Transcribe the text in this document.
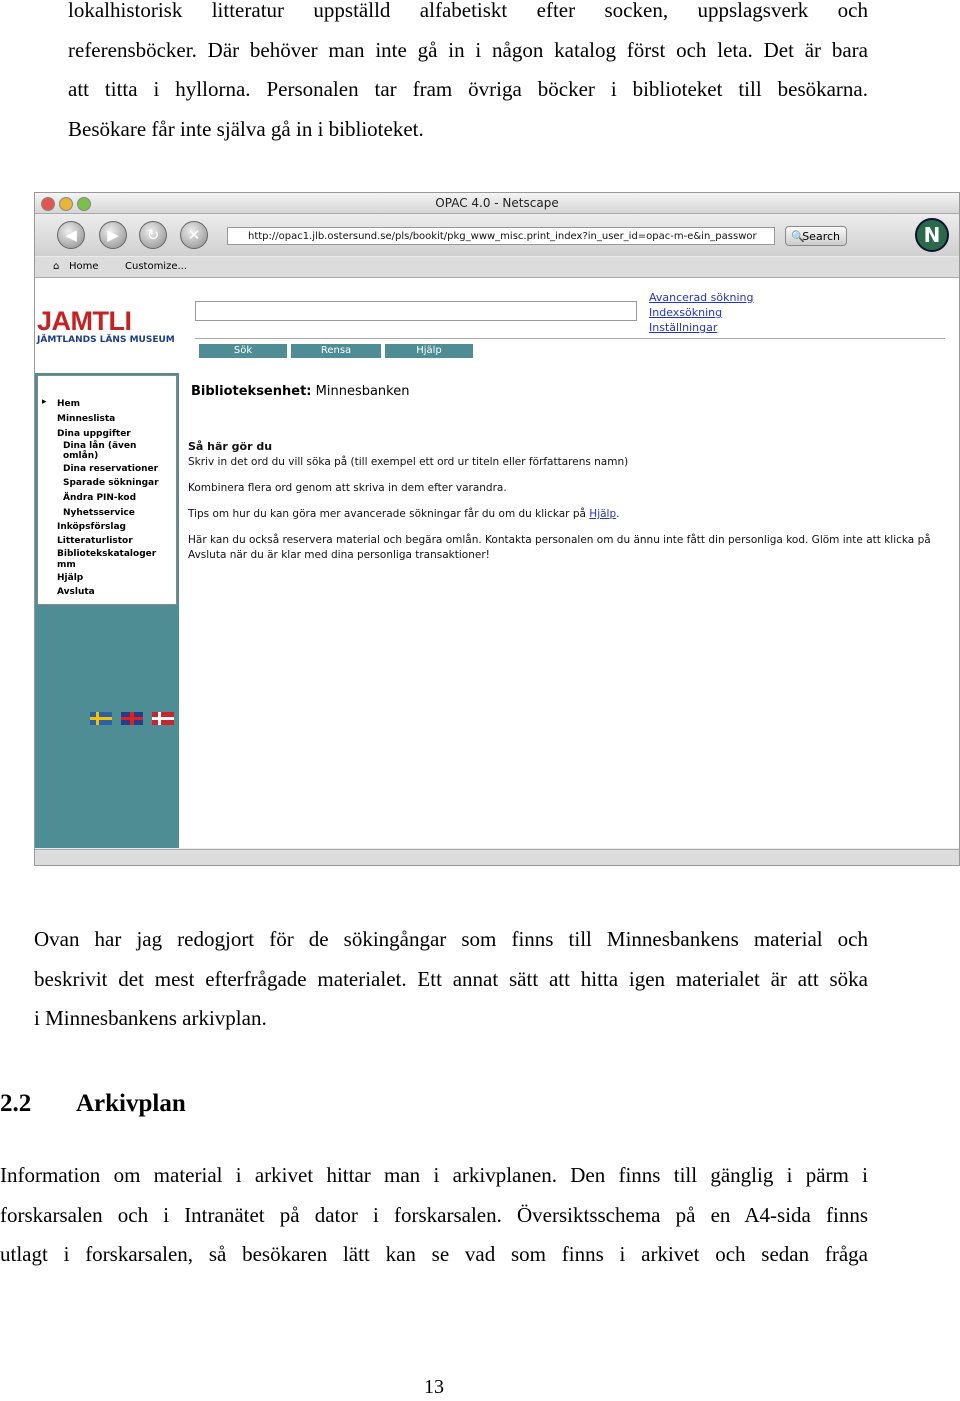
lokalhistorisk litteratur uppställd alfabetiskt efter socken, uppslagsverk och
referensböcker. Där behöver man inte gå in i någon katalog först och leta. Det är bara
att titta i hyllorna. Personalen tar fram övriga böcker i biblioteket till besökarna.
Besökare får inte själva gå in i biblioteket.
OPAC 4.0 - Netscape
◀	▶	↻	✕	http://opac1.jlb.ostersund.se/pls/bookit/pkg_www_misc.print_index?in_user_id=opac-m-e&in_passwor	🔍
Search	N
⌂ Home	Customize...
JAMTLI
JÄMTLANDS LÄNS MUSEUM
Sök	Rensa	Hjälp
Avancerad sökning
Indexsökning
Inställningar
Hem
Minneslista
Dina uppgifter
Dina lån (även
omlån)
Dina reservationer
Sparade sökningar
Ändra PIN-kod
Nyhetsservice
Inköpsförslag
Litteraturlistor
Bibliotekskataloger
mm
Hjälp
Avsluta
▸
Biblioteksenhet: Minnesbanken
Så här gör du
Skriv in det ord du vill söka på (till exempel ett ord ur titeln eller författarens namn)
Kombinera flera ord genom att skriva in dem efter varandra.
Tips om hur du kan göra mer avancerade sökningar får du om du klickar på Hjälp.
Här kan du också reservera material och begära omlån. Kontakta personalen om du ännu inte fått din personliga kod. Glöm inte att klicka på
Avsluta när du är klar med dina personliga transaktioner!
Ovan har jag redogjort för de sökingångar som finns till Minnesbankens material och
beskrivit det mest efterfrågade materialet. Ett annat sätt att hitta igen materialet är att söka
i Minnesbankens arkivplan.
2.2 Arkivplan
Information om material i arkivet hittar man i arkivplanen. Den finns till gänglig i pärm i
forskarsalen och i Intranätet på dator i forskarsalen. Översiktsschema på en A4-sida finns
utlagt i forskarsalen, så besökaren lätt kan se vad som finns i arkivet och sedan fråga
13
